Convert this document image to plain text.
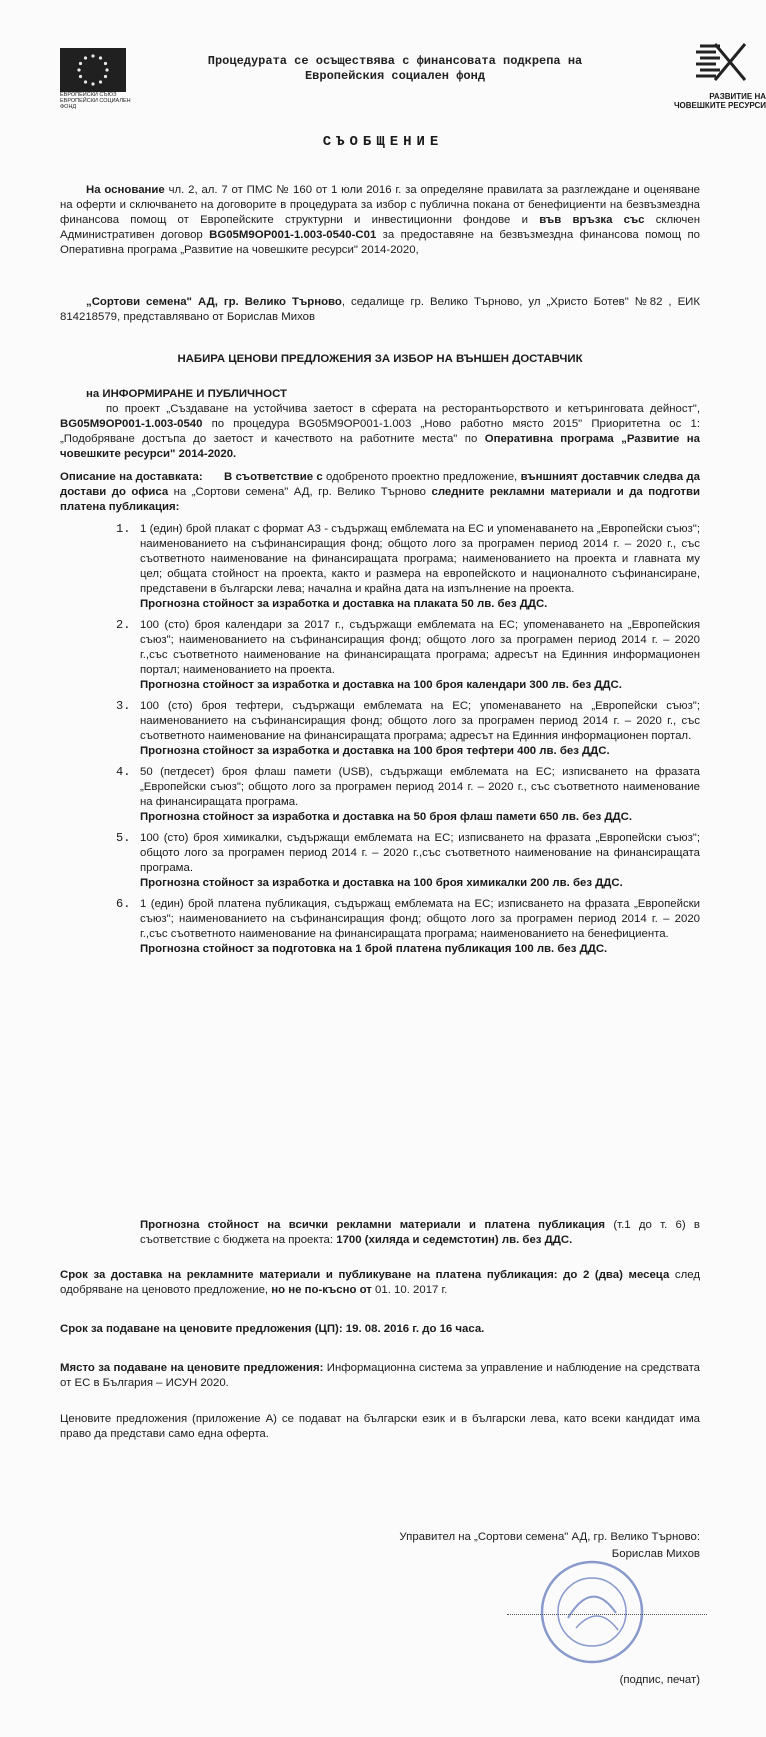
ЕВРОПЕЙСКИ СЪЮЗ ЕВРОПЕЙСКИ СОЦИАЛЕН ФОНД
Процедурата се осъществява с финансовата подкрепа на
Европейския социален фонд
РАЗВИТИЕ НА
ЧОВЕШКИТЕ РЕСУРСИ
СЪОБЩЕНИЕ
На основание чл. 2, ал. 7 от ПМС № 160 от 1 юли 2016 г. за определяне правилата за разглеждане и оценяване на оферти и сключването на договорите в процедурата за избор с публична покана от бенефициенти на безвъзмездна финансова помощ от Европейските структурни и инвестиционни фондове и във връзка със сключен Административен договор BG05M9OP001-1.003-0540-C01 за предоставяне на безвъзмездна финансова помощ по Оперативна програма „Развитие на човешките ресурси" 2014-2020,
„Сортови семена" АД, гр. Велико Търново, седалище гр. Велико Търново, ул „Христо Ботев" №82 , ЕИК 814218579, представлявано от Борислав Михов
НАБИРА ЦЕНОВИ ПРЕДЛОЖЕНИЯ ЗА ИЗБОР НА ВЪНШЕН ДОСТАВЧИК
на ИНФОРМИРАНЕ И ПУБЛИЧНОСТ
по проект „Създаване на устойчива заетост в сферата на ресторантьорството и кетъринговата дейност", BG05M9OP001-1.003-0540 по процедура BG05M9OP001-1.003 „Ново работно място 2015" Приоритетна ос 1: „Подобряване достъпа до заетост и качеството на работните места" по Оперативна програма „Развитие на човешките ресурси" 2014-2020.
Описание на доставката: В съответствие с одобреното проектно предложение, външният доставчик следва да достави до офиса на „Сортови семена" АД, гр. Велико Търново следните рекламни материали и да подготви платена публикация:
1. 1 (един) брой плакат с формат А3 - съдържащ емблемата на ЕС и упоменаването на „Европейски съюз"; наименованието на съфинансиращия фонд; общото лого за програмен период 2014 г. – 2020 г., със съответното наименование на финансиращата програма; наименованието на проекта и главната му цел; общата стойност на проекта, както и размера на европейското и националното съфинансиране, представени в български лева; начална и крайна дата на изпълнение на проекта.

Прогнозна стойност за изработка и доставка на плаката 50 лв. без ДДС.

2. 100 (сто) броя календари за 2017 г., съдържащи емблемата на ЕС; упоменаването на „Европейския съюз"; наименованието на съфинансиращия фонд; общото лого за програмен период 2014 г. – 2020 г.,със съответното наименование на финансиращата програма; адресът на Единния информационен портал; наименованието на проекта.

Прогнозна стойност за изработка и доставка на 100 броя календари 300 лв. без ДДС.

3. 100 (сто) броя тефтери, съдържащи емблемата на ЕС; упоменаването на „Европейски съюз"; наименованието на съфинансиращия фонд; общото лого за програмен период 2014 г. – 2020 г., със съответното наименование на финансиращата програма; адресът на Единния информационен портал.

Прогнозна стойност за изработка и доставка на 100 броя тефтери 400 лв. без ДДС.

4. 50 (петдесет) броя флаш памети (USB), съдържащи емблемата на ЕС; изписването на фразата „Европейски съюз"; общото лого за програмен период 2014 г. – 2020 г., със съответното наименование на финансиращата програма.

Прогнозна стойност за изработка и доставка на 50 броя флаш памети 650 лв. без ДДС.

5. 100 (сто) броя химикалки, съдържащи емблемата на ЕС; изписването на фразата „Европейски съюз"; общото лого за програмен период 2014 г. – 2020 г.,със съответното наименование на финансиращата програма.

Прогнозна стойност за изработка и доставка на 100 броя химикалки 200 лв. без ДДС.

6. 1 (един) брой платена публикация, съдържащ емблемата на ЕС; изписването на фразата „Европейски съюз"; наименованието на съфинансиращия фонд; общото лого за програмен период 2014 г. – 2020 г.,със съответното наименование на финансиращата програма; наименованието на бенефициента.

Прогнозна стойност за подготовка на 1 брой платена публикация 100 лв. без ДДС.

Прогнозна стойност на всички рекламни материали и платена публикация (т.1 до т. 6) в съответствие с бюджета на проекта: 1700 (хиляда и седемстотин) лв. без ДДС.
Срок за доставка на рекламните материали и публикуване на платена публикация: до 2 (два) месеца след одобряване на ценовото предложение, но не по-късно от 01. 10. 2017 г.
Срок за подаване на ценовите предложения (ЦП): 19. 08. 2016 г. до 16 часа.
Място за подаване на ценовите предложения: Информационна система за управление и наблюдение на средствата от ЕС в България – ИСУН 2020.
Ценовите предложения (приложение А) се подават на български език и в български лева, като всеки кандидат има право да представи само една оферта.
Управител на „Сортови семена" АД, гр. Велико Търново:
Борислав Михов
(подпис, печат)
